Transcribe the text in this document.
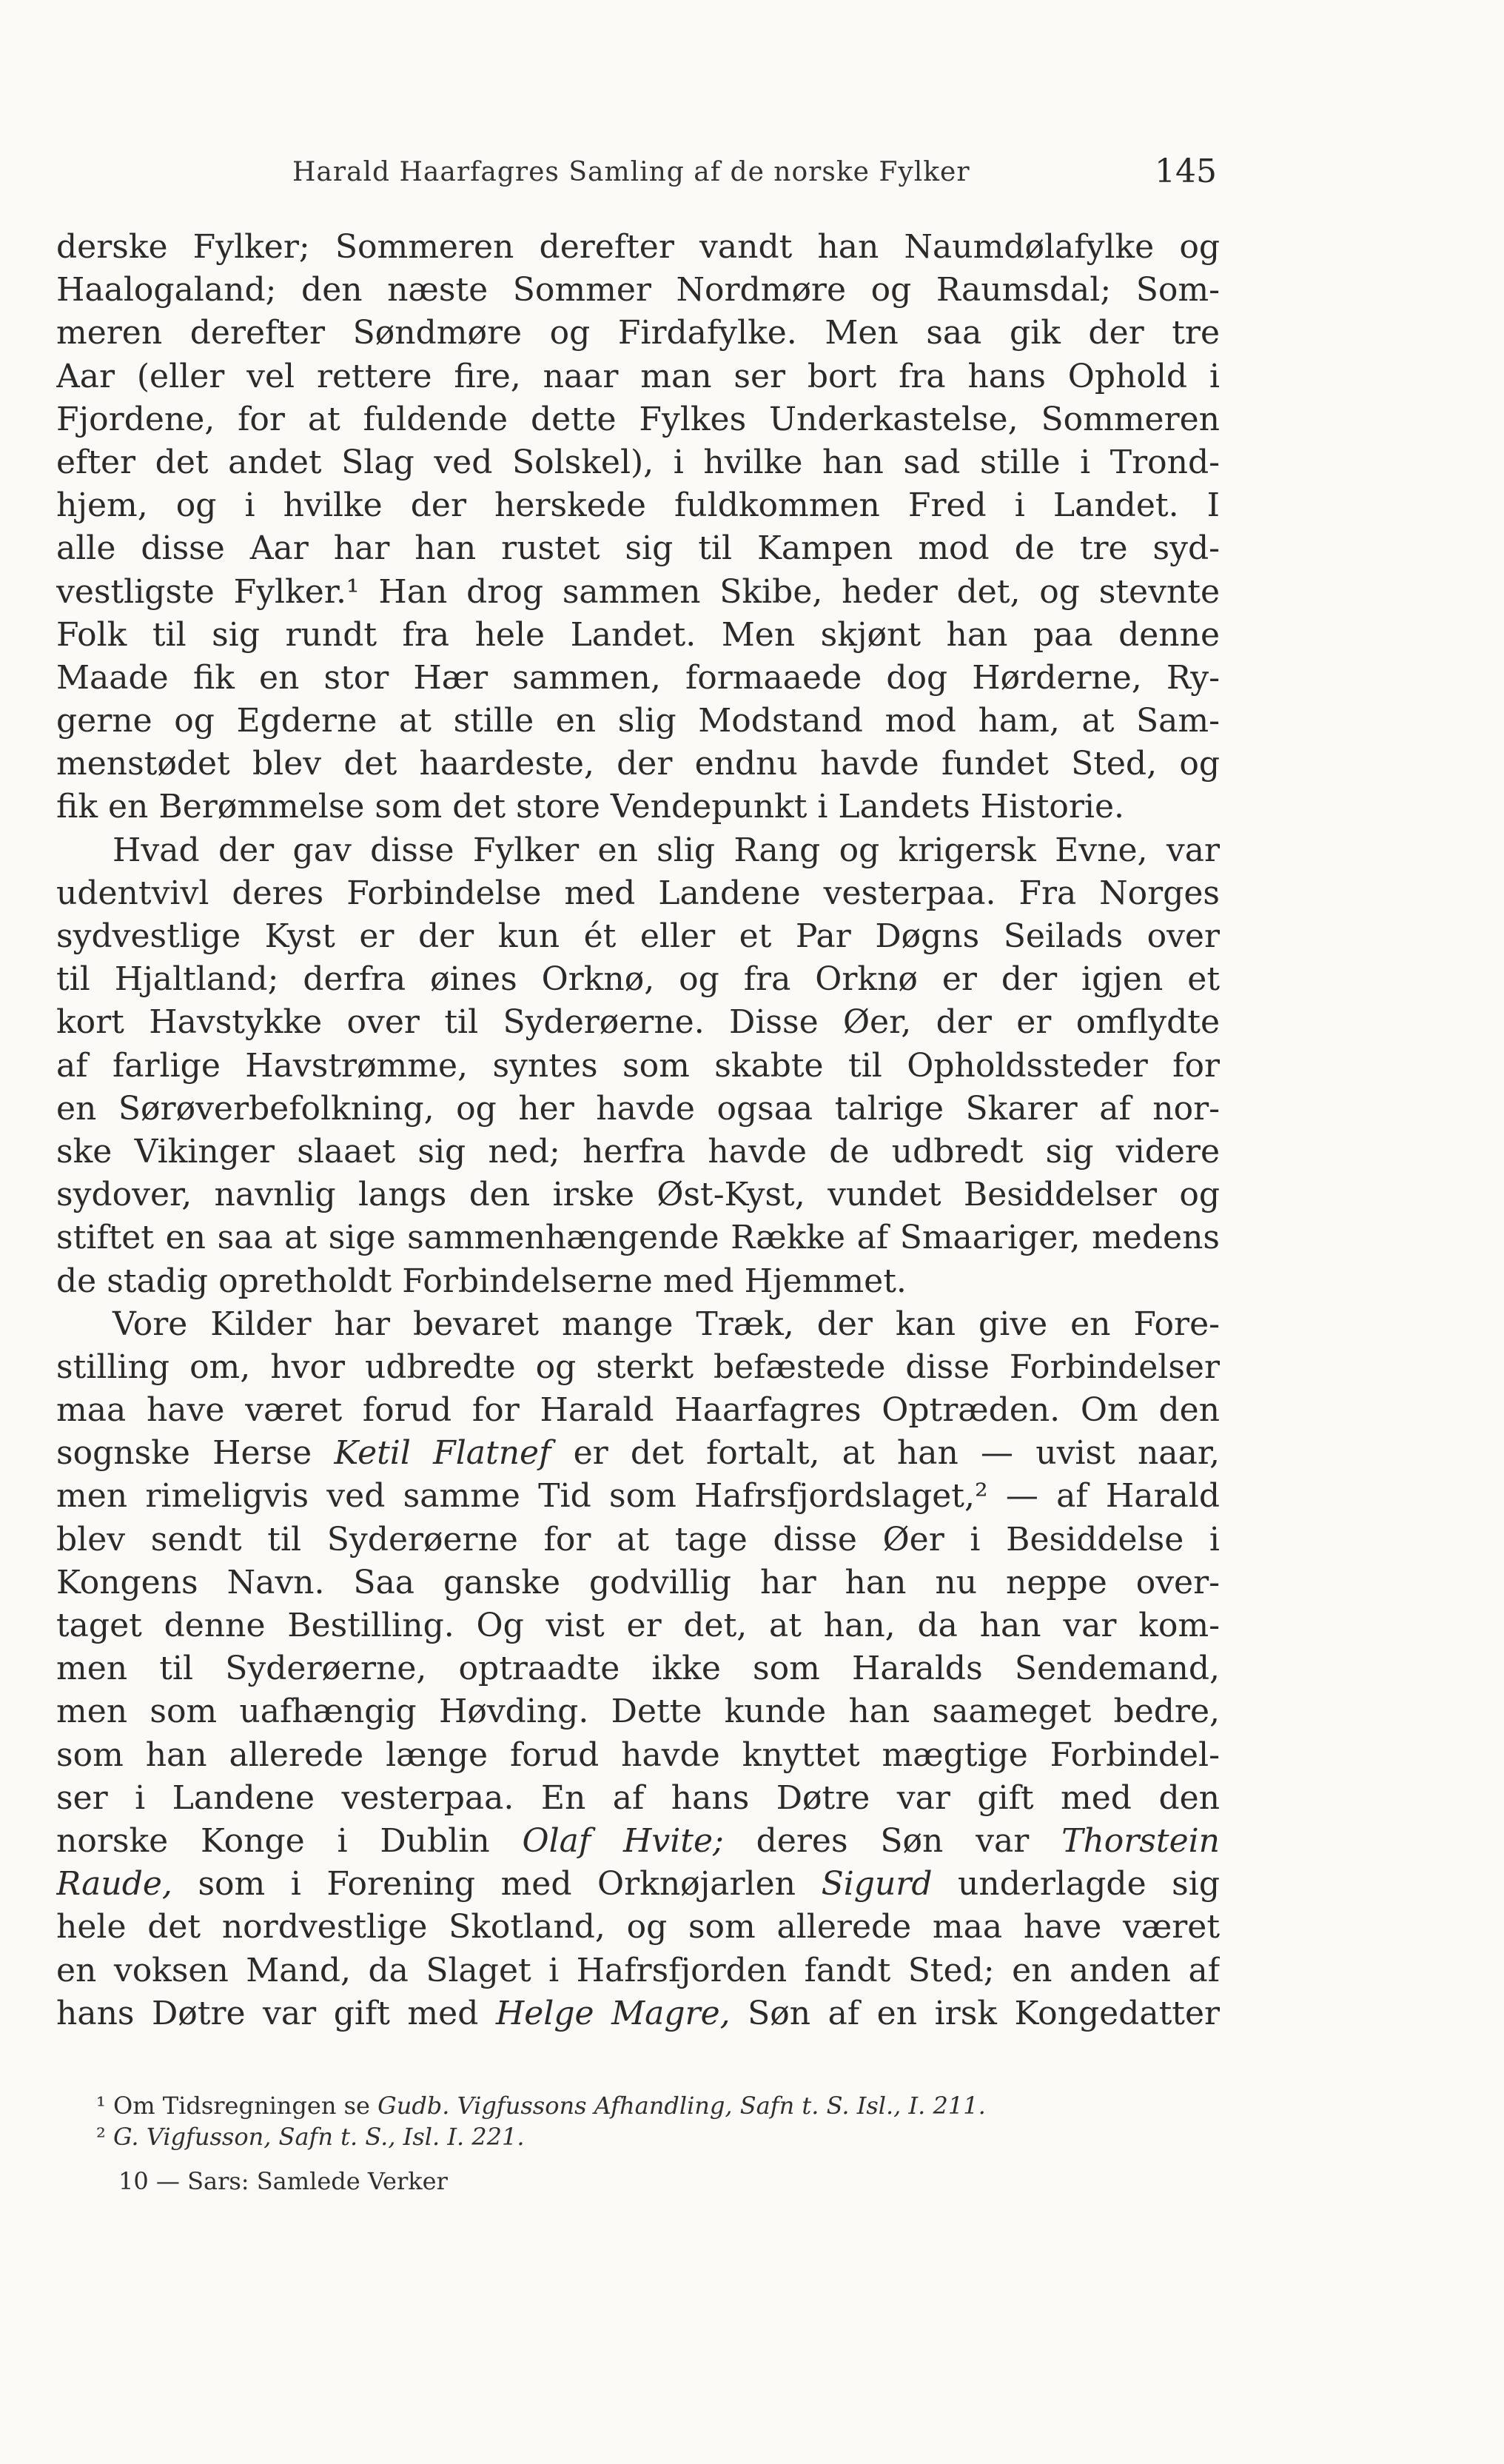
Harald Haarfagres Samling af de norske Fylker	145
derske Fylker; Sommeren derefter vandt han Naumdølafylke og
Haalogaland; den næste Sommer Nordmøre og Raumsdal; Som-
meren derefter Søndmøre og Firdafylke. Men saa gik der tre
Aar (eller vel rettere fire, naar man ser bort fra hans Ophold i
Fjordene, for at fuldende dette Fylkes Underkastelse, Sommeren
efter det andet Slag ved Solskel), i hvilke han sad stille i Trond-
hjem, og i hvilke der herskede fuldkommen Fred i Landet. I
alle disse Aar har han rustet sig til Kampen mod de tre syd-
vestligste Fylker.¹ Han drog sammen Skibe, heder det, og stevnte
Folk til sig rundt fra hele Landet. Men skjønt han paa denne
Maade fik en stor Hær sammen, formaaede dog Hørderne, Ry-
gerne og Egderne at stille en slig Modstand mod ham, at Sam-
menstødet blev det haardeste, der endnu havde fundet Sted, og
fik en Berømmelse som det store Vendepunkt i Landets Historie.
Hvad der gav disse Fylker en slig Rang og krigersk Evne, var
udentvivl deres Forbindelse med Landene vesterpaa. Fra Norges
sydvestlige Kyst er der kun ét eller et Par Døgns Seilads over
til Hjaltland; derfra øines Orknø, og fra Orknø er der igjen et
kort Havstykke over til Syderøerne. Disse Øer, der er omflydte
af farlige Havstrømme, syntes som skabte til Opholdssteder for
en Sørøverbefolkning, og her havde ogsaa talrige Skarer af nor-
ske Vikinger slaaet sig ned; herfra havde de udbredt sig videre
sydover, navnlig langs den irske Øst-Kyst, vundet Besiddelser og
stiftet en saa at sige sammenhængende Række af Smaariger, medens
de stadig opretholdt Forbindelserne med Hjemmet.
Vore Kilder har bevaret mange Træk, der kan give en Fore-
stilling om, hvor udbredte og sterkt befæstede disse Forbindelser
maa have været forud for Harald Haarfagres Optræden. Om den
sognske Herse Ketil Flatnef er det fortalt, at han — uvist naar,
men rimeligvis ved samme Tid som Hafrsfjordslaget,² — af Harald
blev sendt til Syderøerne for at tage disse Øer i Besiddelse i
Kongens Navn. Saa ganske godvillig har han nu neppe over-
taget denne Bestilling. Og vist er det, at han, da han var kom-
men til Syderøerne, optraadte ikke som Haralds Sendemand,
men som uafhængig Høvding. Dette kunde han saameget bedre,
som han allerede længe forud havde knyttet mægtige Forbindel-
ser i Landene vesterpaa. En af hans Døtre var gift med den
norske Konge i Dublin Olaf Hvite; deres Søn var Thorstein
Raude, som i Forening med Orknøjarlen Sigurd underlagde sig
hele det nordvestlige Skotland, og som allerede maa have været
en voksen Mand, da Slaget i Hafrsfjorden fandt Sted; en anden af
hans Døtre var gift med Helge Magre, Søn af en irsk Kongedatter
¹ Om Tidsregningen se Gudb. Vigfussons Afhandling, Safn t. S. Isl., I. 211.
² G. Vigfusson, Safn t. S., Isl. I. 221.
10 — Sars: Samlede Verker
